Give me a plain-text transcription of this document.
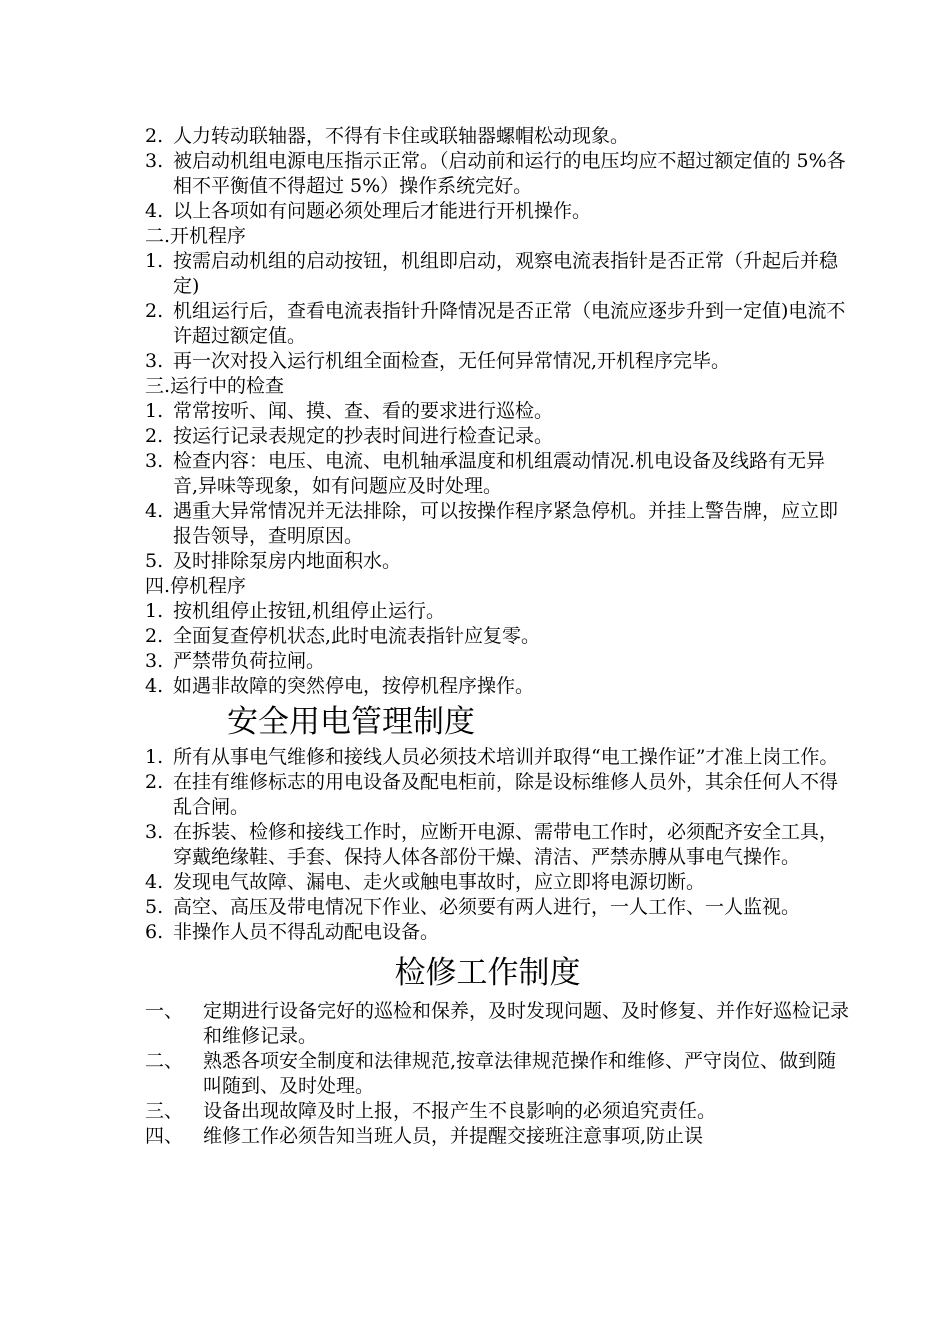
2. 人力转动联轴器，不得有卡住或联轴器螺帽松动现象。
3. 被启动机组电源电压指示正常。（启动前和运行的电压均应不超过额定值的 5%各相不平衡值不得超过 5%）操作系统完好。
4. 以上各项如有问题必须处理后才能进行开机操作。
二.开机程序
1. 按需启动机组的启动按钮，机组即启动，观察电流表指针是否正常（升起后并稳定)
2. 机组运行后，查看电流表指针升降情况是否正常（电流应逐步升到一定值)电流不许超过额定值。
3. 再一次对投入运行机组全面检查，无任何异常情况,开机程序完毕。
三.运行中的检查
1. 常常按听、闻、摸、查、看的要求进行巡检。
2. 按运行记录表规定的抄表时间进行检查记录。
3. 检查内容：电压、电流、电机轴承温度和机组震动情况.机电设备及线路有无异音,异味等现象，如有问题应及时处理。
4. 遇重大异常情况并无法排除，可以按操作程序紧急停机。并挂上警告牌，应立即报告领导，查明原因。
5. 及时排除泵房内地面积水。
四.停机程序
1. 按机组停止按钮,机组停止运行。
2. 全面复查停机状态,此时电流表指针应复零。
3. 严禁带负荷拉闸。
4. 如遇非故障的突然停电，按停机程序操作。
安全用电管理制度
1. 所有从事电气维修和接线人员必须技术培训并取得“电工操作证”才准上岗工作。
2. 在挂有维修标志的用电设备及配电柜前，除是设标维修人员外，其余任何人不得乱合闸。
3. 在拆装、检修和接线工作时，应断开电源、需带电工作时，必须配齐安全工具，穿戴绝缘鞋、手套、保持人体各部份干燥、清洁、严禁赤膊从事电气操作。
4. 发现电气故障、漏电、走火或触电事故时，应立即将电源切断。
5. 高空、高压及带电情况下作业、必须要有两人进行，一人工作、一人监视。
6. 非操作人员不得乱动配电设备。
检修工作制度
一、	定期进行设备完好的巡检和保养，及时发现问题、及时修复、并作好巡检记录和维修记录。
二、	熟悉各项安全制度和法律规范,按章法律规范操作和维修、严守岗位、做到随叫随到、及时处理。
三、	设备出现故障及时上报，不报产生不良影响的必须追究责任。
四、	维修工作必须告知当班人员，并提醒交接班注意事项,防止误
